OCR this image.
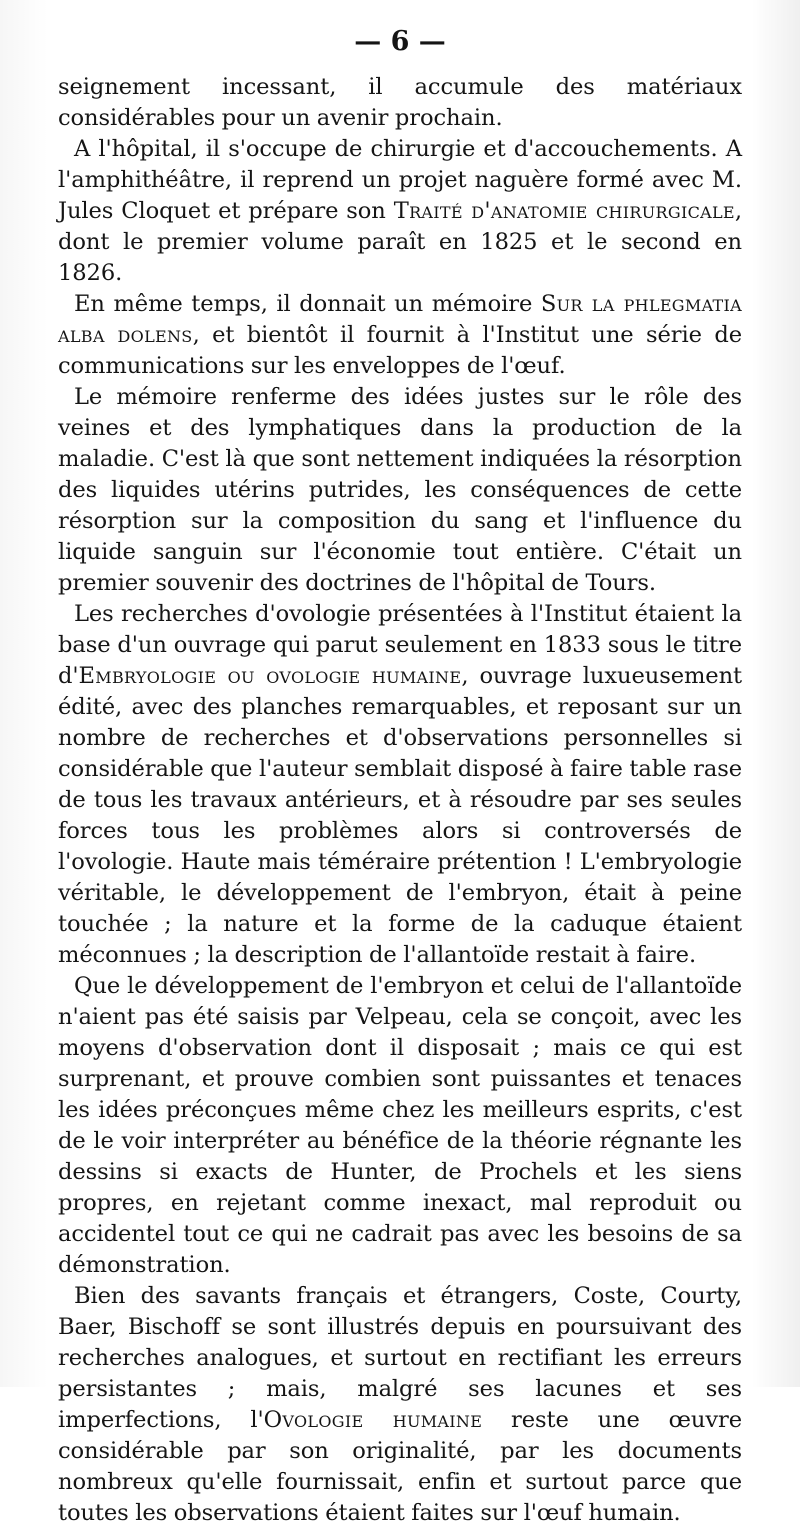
— 6 —

seignement incessant, il accumule des matériaux considérables pour un avenir prochain.

A l'hôpital, il s'occupe de chirurgie et d'accouchements. A l'amphithéâtre, il reprend un projet naguère formé avec M. Jules Cloquet et prépare son Traité d'anatomie chirurgicale, dont le premier volume paraît en 1825 et le second en 1826.

En même temps, il donnait un mémoire Sur la phlegmatia alba dolens, et bientôt il fournit à l'Institut une série de communications sur les enveloppes de l'œuf.

Le mémoire renferme des idées justes sur le rôle des veines et des lymphatiques dans la production de la maladie. C'est là que sont nettement indiquées la résorption des liquides utérins putrides, les conséquences de cette résorption sur la composition du sang et l'influence du liquide sanguin sur l'économie tout entière. C'était un premier souvenir des doctrines de l'hôpital de Tours.

Les recherches d'ovologie présentées à l'Institut étaient la base d'un ouvrage qui parut seulement en 1833 sous le titre d'Embryologie ou ovologie humaine, ouvrage luxueusement édité, avec des planches remarquables, et reposant sur un nombre de recherches et d'observations personnelles si considérable que l'auteur semblait disposé à faire table rase de tous les travaux antérieurs, et à résoudre par ses seules forces tous les problèmes alors si controversés de l'ovologie. Haute mais téméraire prétention ! L'embryologie véritable, le développement de l'embryon, était à peine touchée ; la nature et la forme de la caduque étaient méconnues ; la description de l'allantoïde restait à faire.

Que le développement de l'embryon et celui de l'allantoïde n'aient pas été saisis par Velpeau, cela se conçoit, avec les moyens d'observation dont il disposait ; mais ce qui est surprenant, et prouve combien sont puissantes et tenaces les idées préconçues même chez les meilleurs esprits, c'est de le voir interpréter au bénéfice de la théorie régnante les dessins si exacts de Hunter, de Prochels et les siens propres, en rejetant comme inexact, mal reproduit ou accidentel tout ce qui ne cadrait pas avec les besoins de sa démonstration.

Bien des savants français et étrangers, Coste, Courty, Baer, Bischoff se sont illustrés depuis en poursuivant des recherches analogues, et surtout en rectifiant les erreurs persistantes ; mais, malgré ses lacunes et ses imperfections, l'Ovologie humaine reste une œuvre considérable par son originalité, par les documents nombreux qu'elle fournissait, enfin et surtout parce que toutes les observations étaient faites sur l'œuf humain.
